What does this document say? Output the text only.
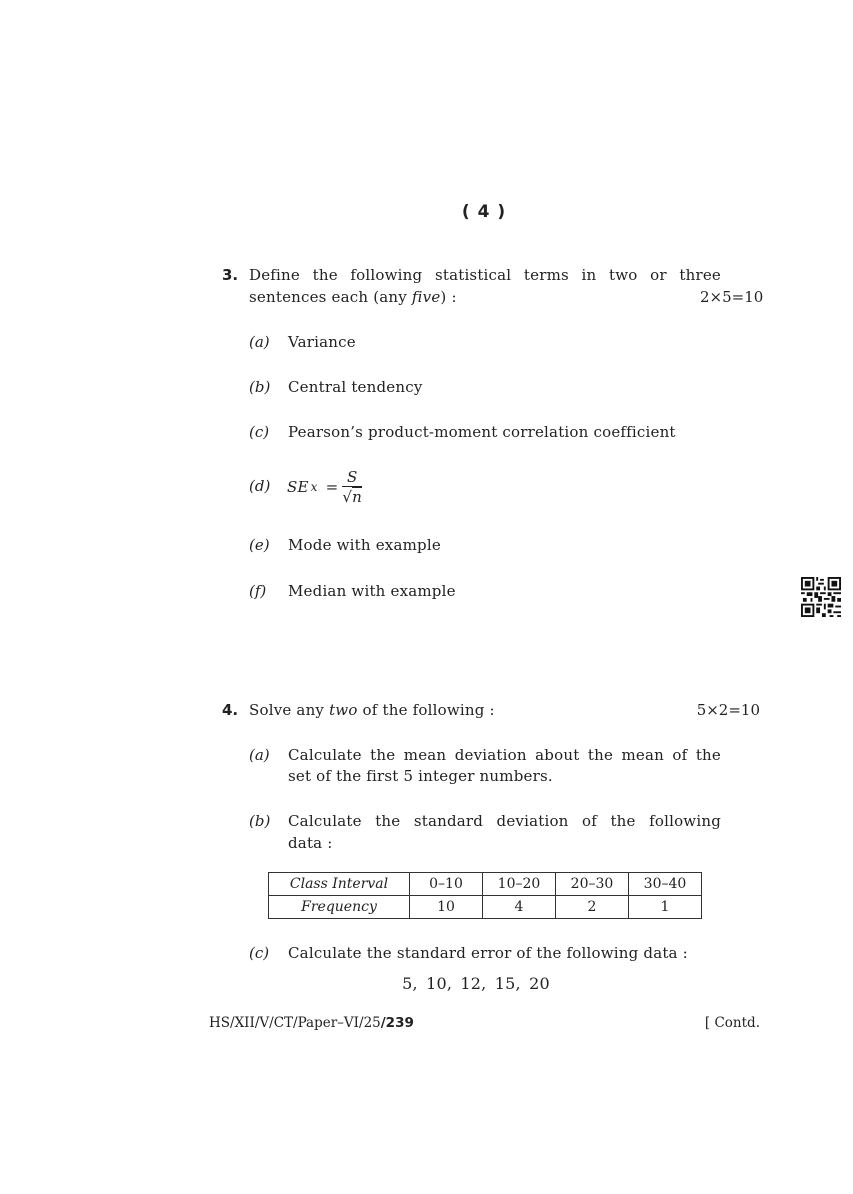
( 4 )
3. Define the following statistical terms in two or three
sentences each (any five) :	2×5=10
(a) Variance
(b) Central tendency
(c) Pearson’s product-moment correlation coefficient
(d) SE $x = \frac{S}{√n}$
(e) Mode with example
(f) Median with example
4. Solve any two of the following :	5×2=10
(a) Calculate the mean deviation about the mean of the
set of the first 5 integer numbers.
(b) Calculate the standard deviation of the following
data :
Class Interval	0–10	10–20	20–30	30–40
Frequency	10	4	2	1
(c) Calculate the standard error of the following data :
5, 10, 12, 15, 20
HS/XII/V/CT/Paper–VI/25/239	[ Contd.
